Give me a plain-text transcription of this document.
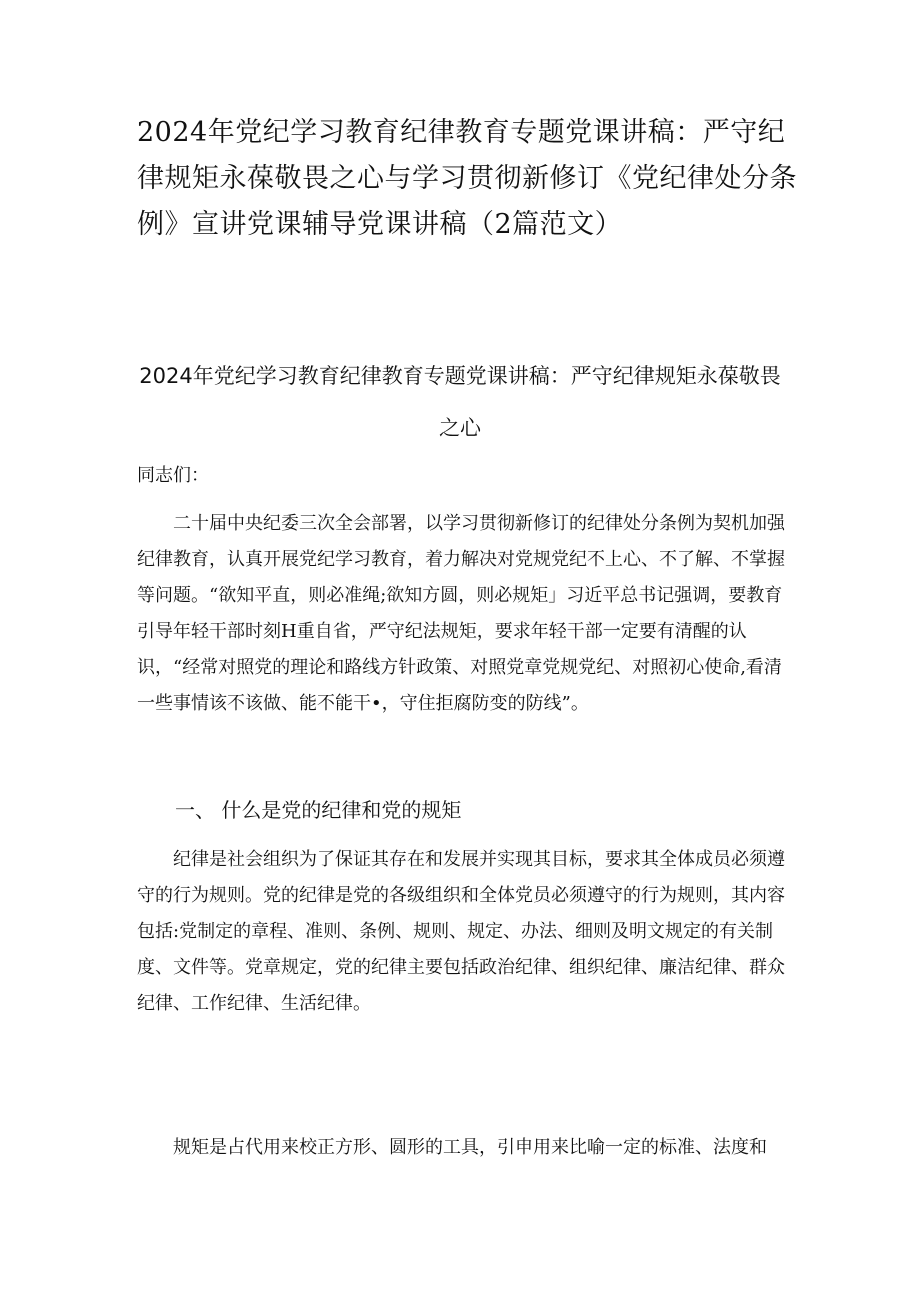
2024年党纪学习教育纪律教育专题党课讲稿：严守纪律规矩永葆敬畏之心与学习贯彻新修订《党纪律处分条例》宣讲党课辅导党课讲稿（2篇范文）
2024年党纪学习教育纪律教育专题党课讲稿：严守纪律规矩永葆敬畏之心

同志们：

二十届中央纪委三次全会部署，以学习贯彻新修订的纪律处分条例为契机加强纪律教育，认真开展党纪学习教育，着力解决对党规党纪不上心、不了解、不掌握等问题。“欲知平直，则必准绳;欲知方圆，则必规矩」习近平总书记强调，要教育引导年轻干部时刻H重自省，严守纪法规矩，要求年轻干部一定要有清醒的认识，“经常对照党的理论和路线方针政策、对照党章党规党纪、对照初心使命,看清一些事情该不该做、能不能干•，守住拒腐防变的防线”。

一、 什么是党的纪律和党的规矩

纪律是社会组织为了保证其存在和发展并实现其目标，要求其全体成员必须遵守的行为规则。党的纪律是党的各级组织和全体党员必须遵守的行为规则，其内容包括:党制定的章程、准则、条例、规则、规定、办法、细则及明文规定的有关制度、文件等。党章规定，党的纪律主要包括政治纪律、组织纪律、廉洁纪律、群众纪律、工作纪律、生活纪律。

规矩是占代用来校正方形、圆形的工具，引申用来比喻一定的标准、法度和
